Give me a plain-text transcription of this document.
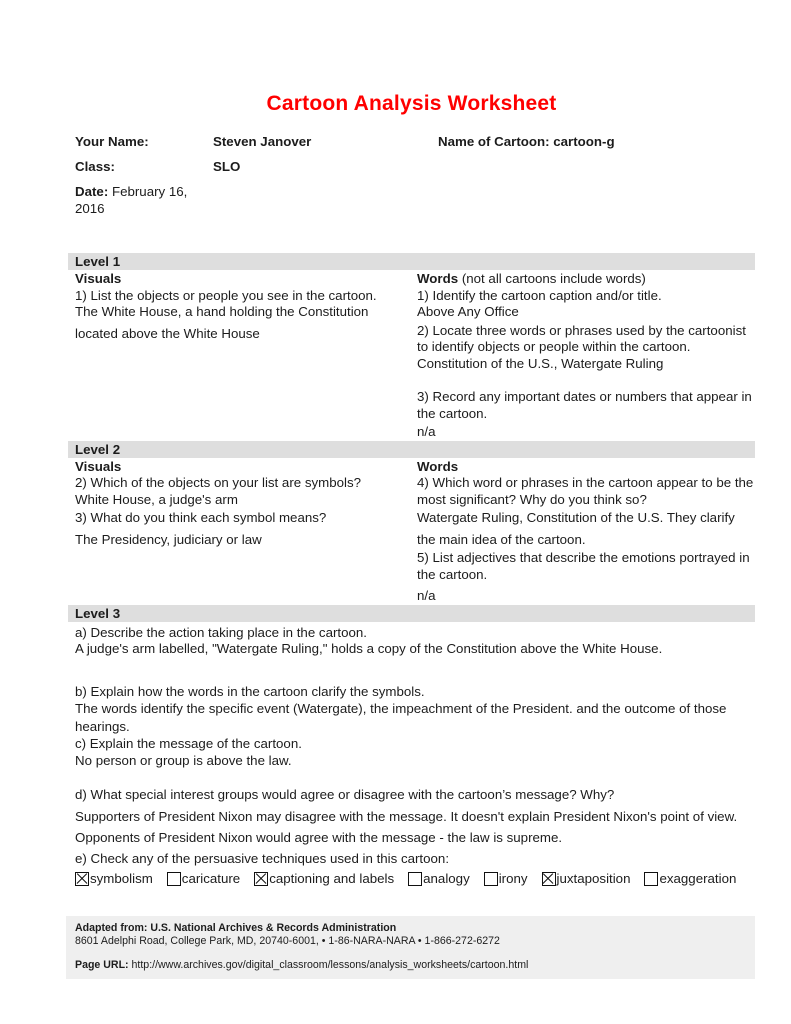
Cartoon Analysis Worksheet
Your Name:	Steven Janover	Name of Cartoon: cartoon-g
Class:	SLO
Date: February 16, 2016
Level 1

Visuals

1) List the objects or people you see in the cartoon.

The White House, a hand holding the Constitution

located above the White House

Words (not all cartoons include words)

1) Identify the cartoon caption and/or title.

Above Any Office

2) Locate three words or phrases used by the cartoonist to identify objects or people within the cartoon.

Constitution of the U.S., Watergate Ruling

3) Record any important dates or numbers that appear in the cartoon.

n/a

Level 2

Visuals

2) Which of the objects on your list are symbols?

White House, a judge's arm

3) What do you think each symbol means?

The Presidency, judiciary or law

Words

4) Which word or phrases in the cartoon appear to be the most significant? Why do you think so?

Watergate Ruling, Constitution of the U.S. They clarify

the main idea of the cartoon.

5) List adjectives that describe the emotions portrayed in the cartoon.

n/a

Level 3

a) Describe the action taking place in the cartoon.

A judge's arm labelled, "Watergate Ruling," holds a copy of the Constitution above the White House.

b) Explain how the words in the cartoon clarify the symbols.

The words identify the specific event (Watergate), the impeachment of the President. and the outcome of those hearings.

c) Explain the message of the cartoon.

No person or group is above the law.

d) What special interest groups would agree or disagree with the cartoon’s message? Why?

Supporters of President Nixon may disagree with the message. It doesn't explain President Nixon's point of view.

Opponents of President Nixon would agree with the message - the law is supreme.

e) Check any of the persuasive techniques used in this cartoon:

symbolism caricature captioning and labels analogy irony juxtaposition exaggeration
Adapted from: U.S. National Archives & Records Administration
8601 Adelphi Road, College Park, MD, 20740-6001, • 1-86-NARA-NARA • 1-866-272-6272
Page URL: http://www.archives.gov/digital_classroom/lessons/analysis_worksheets/cartoon.html
